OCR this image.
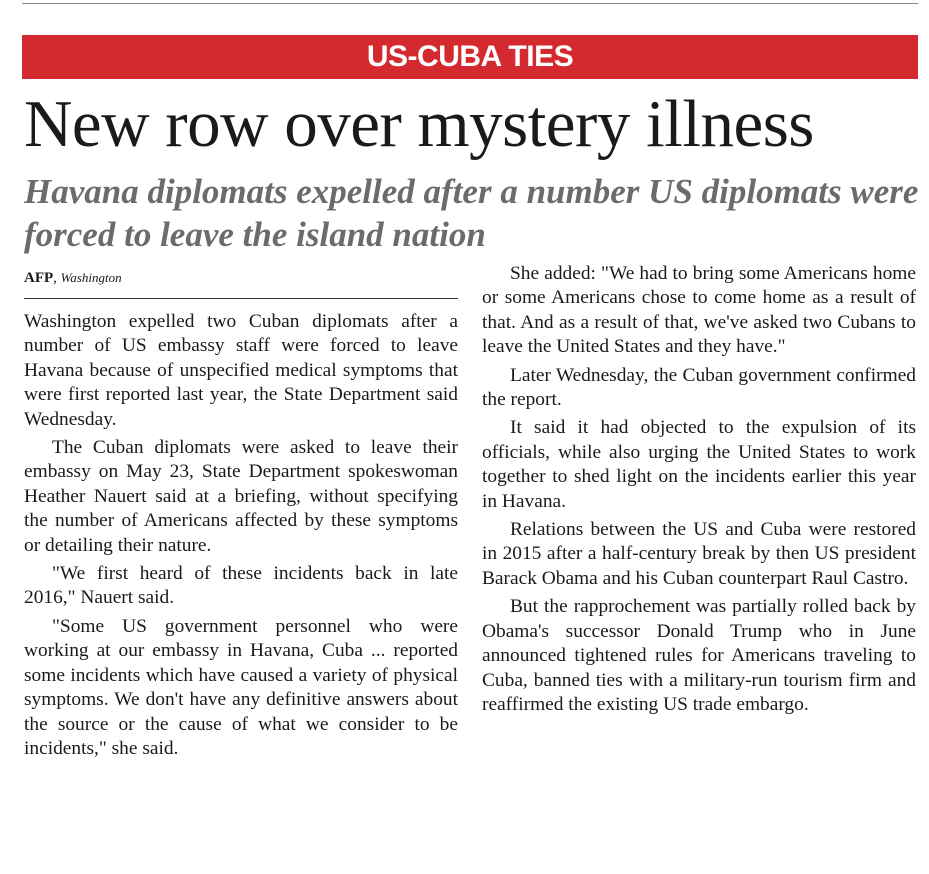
US-CUBA TIES
New row over mystery illness
Havana diplomats expelled after a number US diplomats were forced to leave the island nation
AFP, Washington

Washington expelled two Cuban diplomats after a number of US embassy staff were forced to leave Havana because of unspecified medical symptoms that were first reported last year, the State Department said Wednesday.

The Cuban diplomats were asked to leave their embassy on May 23, State Department spokeswoman Heather Nauert said at a briefing, without specifying the number of Americans affected by these symptoms or detailing their nature.

"We first heard of these incidents back in late 2016," Nauert said.

"Some US government personnel who were working at our embassy in Havana, Cuba ... reported some incidents which have caused a variety of physical symptoms. We don't have any definitive answers about the source or the cause of what we consider to be incidents," she said.

She added: "We had to bring some Americans home or some Americans chose to come home as a result of that. And as a result of that, we've asked two Cubans to leave the United States and they have."

Later Wednesday, the Cuban government confirmed the report.

It said it had objected to the expulsion of its officials, while also urging the United States to work together to shed light on the incidents earlier this year in Havana.

Relations between the US and Cuba were restored in 2015 after a half-century break by then US president Barack Obama and his Cuban counterpart Raul Castro.

But the rapprochement was partially rolled back by Obama's successor Donald Trump who in June announced tightened rules for Americans traveling to Cuba, banned ties with a military-run tourism firm and reaffirmed the existing US trade embargo.
